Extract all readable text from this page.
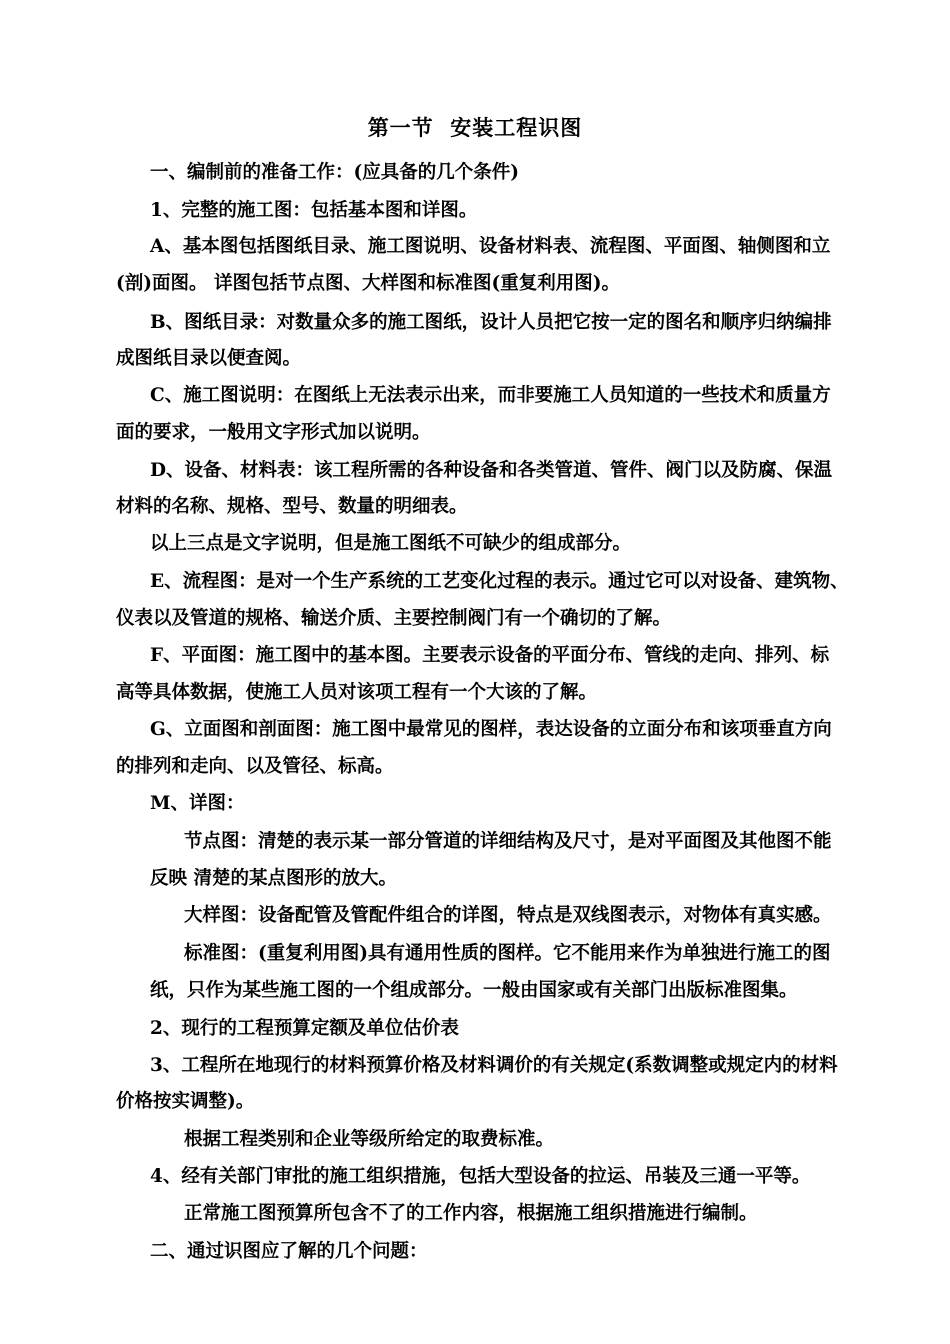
第一节  安装工程识图
一、编制前的准备工作：(应具备的几个条件)
1、完整的施工图：包括基本图和详图。
A、基本图包括图纸目录、施工图说明、设备材料表、流程图、平面图、轴侧图和立
(剖)面图。 详图包括节点图、大样图和标准图(重复利用图)。
B、图纸目录：对数量众多的施工图纸，设计人员把它按一定的图名和顺序归纳编排
成图纸目录以便查阅。
C、施工图说明：在图纸上无法表示出来，而非要施工人员知道的一些技术和质量方
面的要求，一般用文字形式加以说明。
D、设备、材料表：该工程所需的各种设备和各类管道、管件、阀门以及防腐、保温
材料的名称、规格、型号、数量的明细表。
以上三点是文字说明，但是施工图纸不可缺少的组成部分。
E、流程图：是对一个生产系统的工艺变化过程的表示。通过它可以对设备、建筑物、
仪表以及管道的规格、输送介质、主要控制阀门有一个确切的了解。
F、平面图：施工图中的基本图。主要表示设备的平面分布、管线的走向、排列、标
高等具体数据，使施工人员对该项工程有一个大该的了解。
G、立面图和剖面图：施工图中最常见的图样，表达设备的立面分布和该项垂直方向
的排列和走向、以及管径、标高。
M、详图：
节点图：清楚的表示某一部分管道的详细结构及尺寸，是对平面图及其他图不能
反映 清楚的某点图形的放大。
大样图：设备配管及管配件组合的详图，特点是双线图表示，对物体有真实感。
标准图：(重复利用图)具有通用性质的图样。它不能用来作为单独进行施工的图
纸，只作为某些施工图的一个组成部分。一般由国家或有关部门出版标准图集。
2、现行的工程预算定额及单位估价表
3、工程所在地现行的材料预算价格及材料调价的有关规定(系数调整或规定内的材料
价格按实调整)。
根据工程类别和企业等级所给定的取费标准。
4、经有关部门审批的施工组织措施，包括大型设备的拉运、吊装及三通一平等。
正常施工图预算所包含不了的工作内容，根据施工组织措施进行编制。
二、通过识图应了解的几个问题：
